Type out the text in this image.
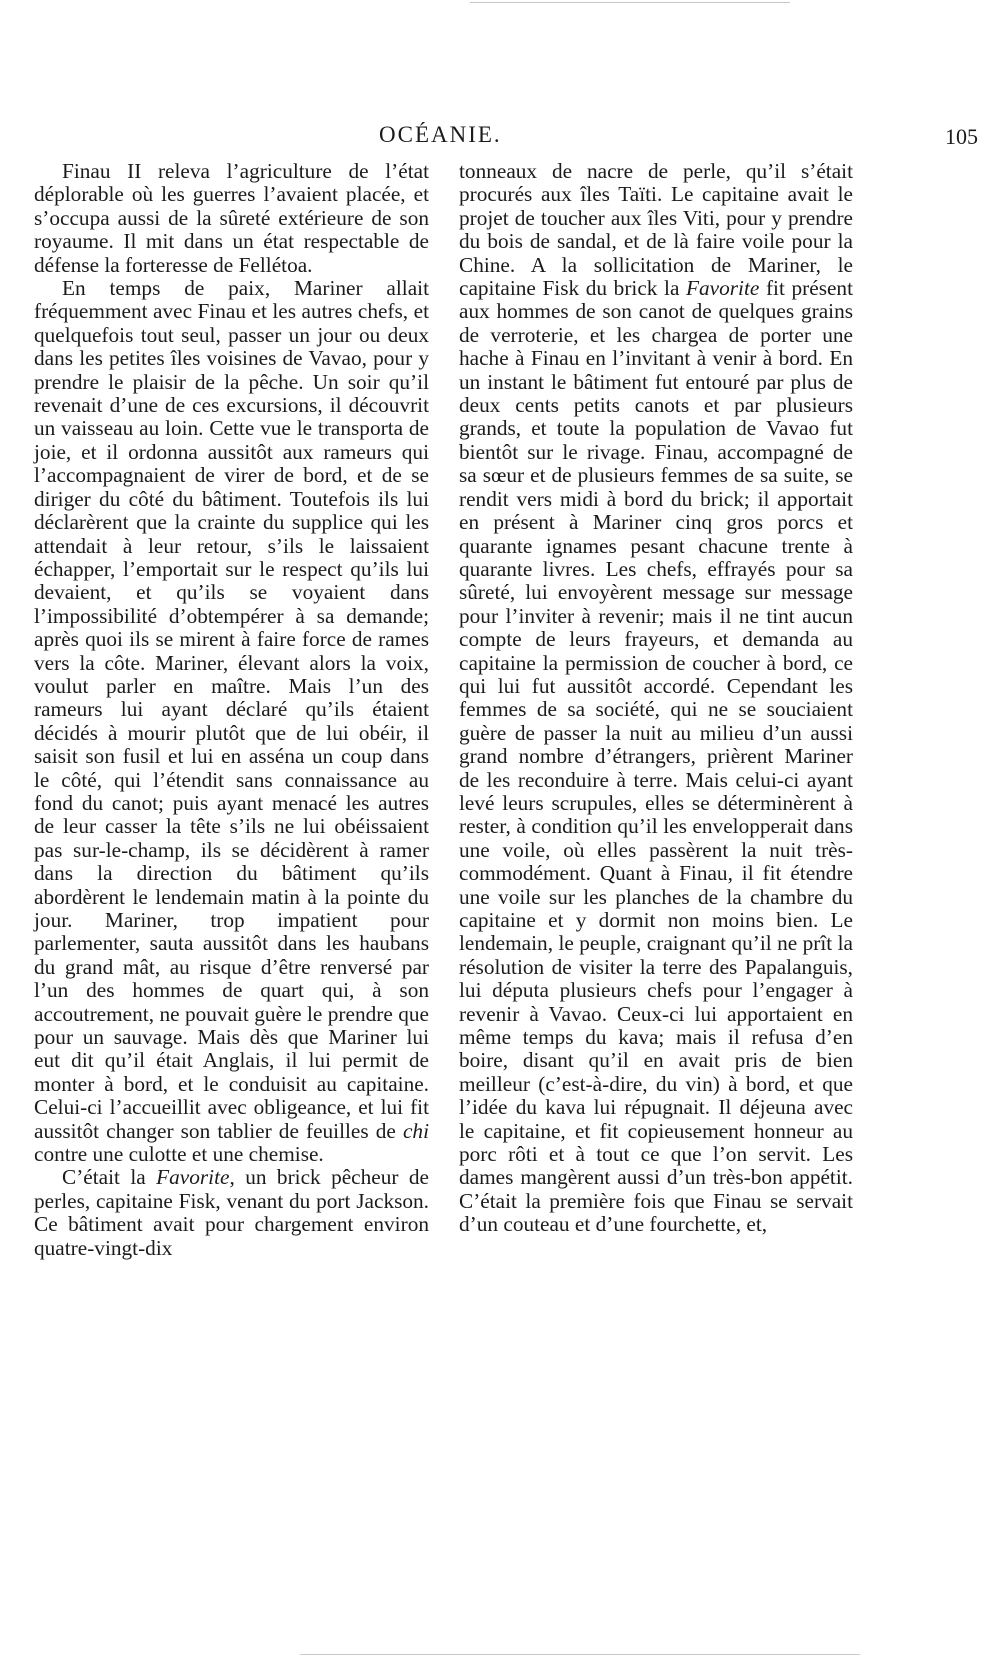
OCÉANIE.	105

Finau II releva l’agriculture de l’état déplorable où les guerres l’avaient placée, et s’occupa aussi de la sûreté extérieure de son royaume. Il mit dans un état respectable de défense la forteresse de Fellétoa.

En temps de paix, Mariner allait fréquemment avec Finau et les autres chefs, et quelquefois tout seul, passer un jour ou deux dans les petites îles voisines de Vavao, pour y prendre le plaisir de la pêche. Un soir qu’il revenait d’une de ces excursions, il découvrit un vaisseau au loin. Cette vue le transporta de joie, et il ordonna aussitôt aux rameurs qui l’accompagnaient de virer de bord, et de se diriger du côté du bâtiment. Toutefois ils lui déclarèrent que la crainte du supplice qui les attendait à leur retour, s’ils le laissaient échapper, l’emportait sur le respect qu’ils lui devaient, et qu’ils se voyaient dans l’impossibilité d’obtempérer à sa demande; après quoi ils se mirent à faire force de rames vers la côte. Mariner, élevant alors la voix, voulut parler en maître. Mais l’un des rameurs lui ayant déclaré qu’ils étaient décidés à mourir plutôt que de lui obéir, il saisit son fusil et lui en asséna un coup dans le côté, qui l’étendit sans connaissance au fond du canot; puis ayant menacé les autres de leur casser la tête s’ils ne lui obéissaient pas sur-le-champ, ils se décidèrent à ramer dans la direction du bâtiment qu’ils abordèrent le lendemain matin à la pointe du jour. Mariner, trop impatient pour parlementer, sauta aussitôt dans les haubans du grand mât, au risque d’être renversé par l’un des hommes de quart qui, à son accoutrement, ne pouvait guère le prendre que pour un sauvage. Mais dès que Mariner lui eut dit qu’il était Anglais, il lui permit de monter à bord, et le conduisit au capitaine. Celui-ci l’accueillit avec obligeance, et lui fit aussitôt changer son tablier de feuilles de chi contre une culotte et une chemise.

C’était la Favorite, un brick pêcheur de perles, capitaine Fisk, venant du port Jackson. Ce bâtiment avait pour chargement environ quatre-vingt-dix

tonneaux de nacre de perle, qu’il s’était procurés aux îles Taïti. Le capitaine avait le projet de toucher aux îles Viti, pour y prendre du bois de sandal, et de là faire voile pour la Chine. A la sollicitation de Mariner, le capitaine Fisk du brick la Favorite fit présent aux hommes de son canot de quelques grains de verroterie, et les chargea de porter une hache à Finau en l’invitant à venir à bord. En un instant le bâtiment fut entouré par plus de deux cents petits canots et par plusieurs grands, et toute la population de Vavao fut bientôt sur le rivage. Finau, accompagné de sa sœur et de plusieurs femmes de sa suite, se rendit vers midi à bord du brick; il apportait en présent à Mariner cinq gros porcs et quarante ignames pesant chacune trente à quarante livres. Les chefs, effrayés pour sa sûreté, lui envoyèrent message sur message pour l’inviter à revenir; mais il ne tint aucun compte de leurs frayeurs, et demanda au capitaine la permission de coucher à bord, ce qui lui fut aussitôt accordé. Cependant les femmes de sa société, qui ne se souciaient guère de passer la nuit au milieu d’un aussi grand nombre d’étrangers, prièrent Mariner de les reconduire à terre. Mais celui-ci ayant levé leurs scrupules, elles se déterminèrent à rester, à condition qu’il les envelopperait dans une voile, où elles passèrent la nuit très-commodément. Quant à Finau, il fit étendre une voile sur les planches de la chambre du capitaine et y dormit non moins bien. Le lendemain, le peuple, craignant qu’il ne prît la résolution de visiter la terre des Papalanguis, lui députa plusieurs chefs pour l’engager à revenir à Vavao. Ceux-ci lui apportaient en même temps du kava; mais il refusa d’en boire, disant qu’il en avait pris de bien meilleur (c’est-à-dire, du vin) à bord, et que l’idée du kava lui répugnait. Il déjeuna avec le capitaine, et fit copieusement honneur au porc rôti et à tout ce que l’on servit. Les dames mangèrent aussi d’un très-bon appétit. C’était la première fois que Finau se servait d’un couteau et d’une fourchette, et,
